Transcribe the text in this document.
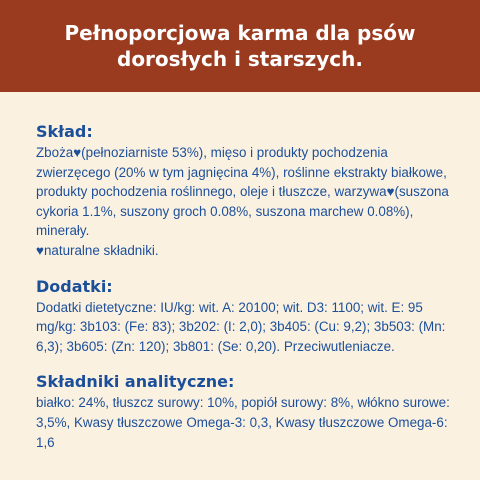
Pełnoporcjowa karma dla psów dorosłych i starszych.
Skład:

Zboża♥(pełnoziarniste 53%), mięso i produkty pochodzenia zwierzęcego (20% w tym jagnięcina 4%), roślinne ekstrakty białkowe, produkty pochodzenia roślinnego, oleje i tłuszcze, warzywa♥(suszona cykoria 1.1%, suszony groch 0.08%, suszona marchew 0.08%), minerały.
♥naturalne składniki.

Dodatki:

Dodatki dietetyczne: IU/kg: wit. A: 20100; wit. D3: 1100; wit. E: 95 mg/kg: 3b103: (Fe: 83); 3b202: (I: 2,0); 3b405: (Cu: 9,2); 3b503: (Mn: 6,3); 3b605: (Zn: 120); 3b801: (Se: 0,20). Przeciwutleniacze.

Składniki analityczne:

białko: 24%, tłuszcz surowy: 10%, popiół surowy: 8%, włókno surowe: 3,5%, Kwasy tłuszczowe Omega-3: 0,3, Kwasy tłuszczowe Omega-6: 1,6
